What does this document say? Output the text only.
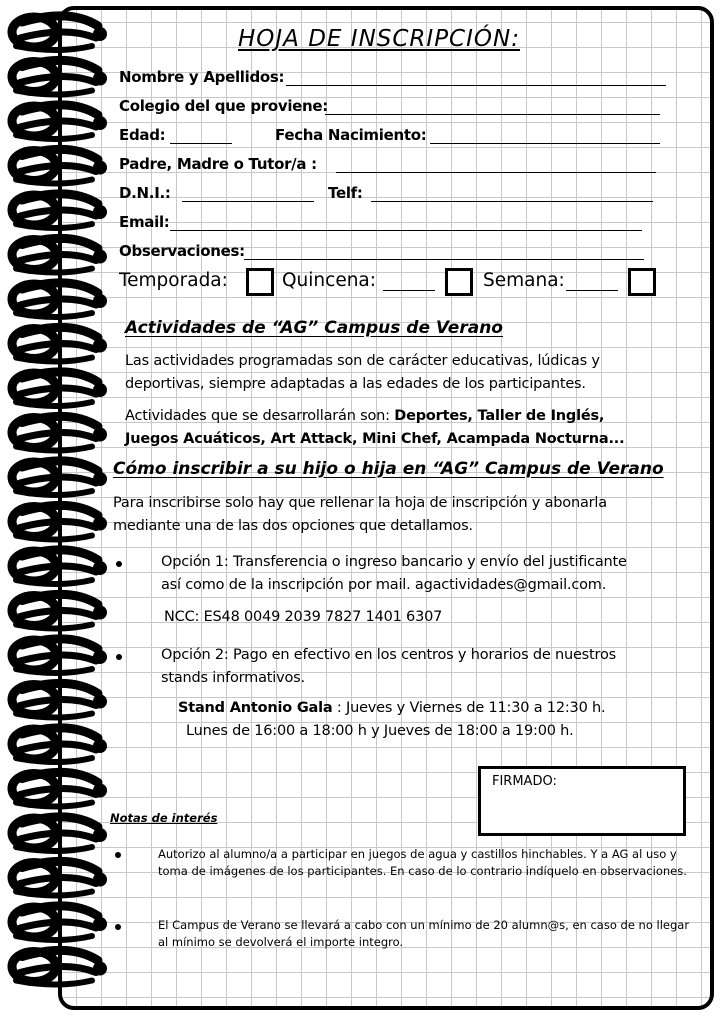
HOJA DE INSCRIPCIÓN:
Nombre y Apellidos:
Colegio del que proviene:
Edad:	Fecha Nacimiento:
Padre, Madre o Tutor/a :
D.N.I.:	Telf:
Email:
Observaciones:
Temporada:	Quincena:	Semana:
Actividades de “AG” Campus de Verano
Las actividades programadas son de carácter educativas, lúdicas y
deportivas, siempre adaptadas a las edades de los participantes.
Actividades que se desarrollarán son: Deportes, Taller de Inglés,
Juegos Acuáticos, Art Attack, Mini Chef, Acampada Nocturna...
Cómo inscribir a su hijo o hija en “AG” Campus de Verano
Para inscribirse solo hay que rellenar la hoja de inscripción y abonarla
mediante una de las dos opciones que detallamos.
Opción 1: Transferencia o ingreso bancario y envío del justificante
así como de la inscripción por mail. agactividades@gmail.com.
NCC: ES48 0049 2039 7827 1401 6307
Opción 2: Pago en efectivo en los centros y horarios de nuestros
stands informativos.
Stand Antonio Gala : Jueves y Viernes de 11:30 a 12:30 h.
Lunes de 16:00 a 18:00 h y Jueves de 18:00 a 19:00 h.
FIRMADO:
Notas de interés
Autorizo al alumno/a a participar en juegos de agua y castillos hinchables. Y a AG al uso y toma de imágenes de los participantes. En caso de lo contrario indíquelo en observaciones.
El Campus de Verano se llevará a cabo con un mínimo de 20 alumn@s, en caso de no llegar al mínimo se devolverá el importe integro.
